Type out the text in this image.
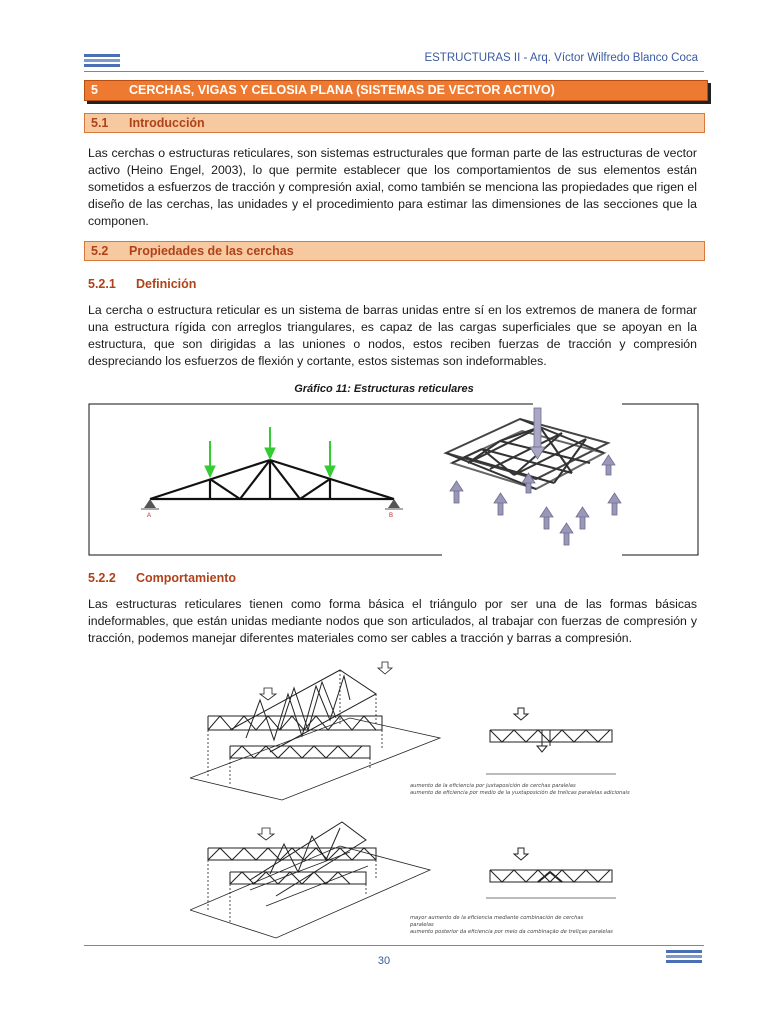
ESTRUCTURAS II - Arq. Víctor Wilfredo Blanco Coca
5 CERCHAS, VIGAS Y CELOSIA PLANA (SISTEMAS DE VECTOR ACTIVO)
5.1 Introducción
Las cerchas o estructuras reticulares, son sistemas estructurales que forman parte de las estructuras de vector activo (Heino Engel, 2003), lo que permite establecer que los comportamientos de sus elementos están sometidos a esfuerzos de tracción y compresión axial, como también se menciona las propiedades que rigen el diseño de las cerchas, las unidades y el procedimiento para estimar las dimensiones de las secciones que la componen.
5.2 Propiedades de las cerchas
5.2.1 Definición
La cercha o estructura reticular es un sistema de barras unidas entre sí en los extremos de manera de formar una estructura rígida con arreglos triangulares, es capaz de las cargas superficiales que se apoyan en la estructura, que son dirigidas a las uniones o nodos, estos reciben fuerzas de tracción y compresión despreciando los esfuerzos de flexión y cortante, estos sistemas son indeformables.
Gráfico 11: Estructuras reticulares
A	B
5.2.2 Comportamiento
Las estructuras reticulares tienen como forma básica el triángulo por ser una de las formas básicas indeformables, que están unidas mediante nodos que son articulados, al trabajar con fuerzas de compresión y tracción, podemos manejar diferentes materiales como ser cables a tracción y barras a compresión.
aumento de la eficiencia por juxtaposición de cerchas paralelas
aumento de eficiencia por medio de la yuxtaposición de trelicas paralelas adicionais
mayor aumento de la eficiencia mediante combinación de cerchas
paralelas
aumento posterior da eficiencia por meio da combinação de treliças paralelas
30
